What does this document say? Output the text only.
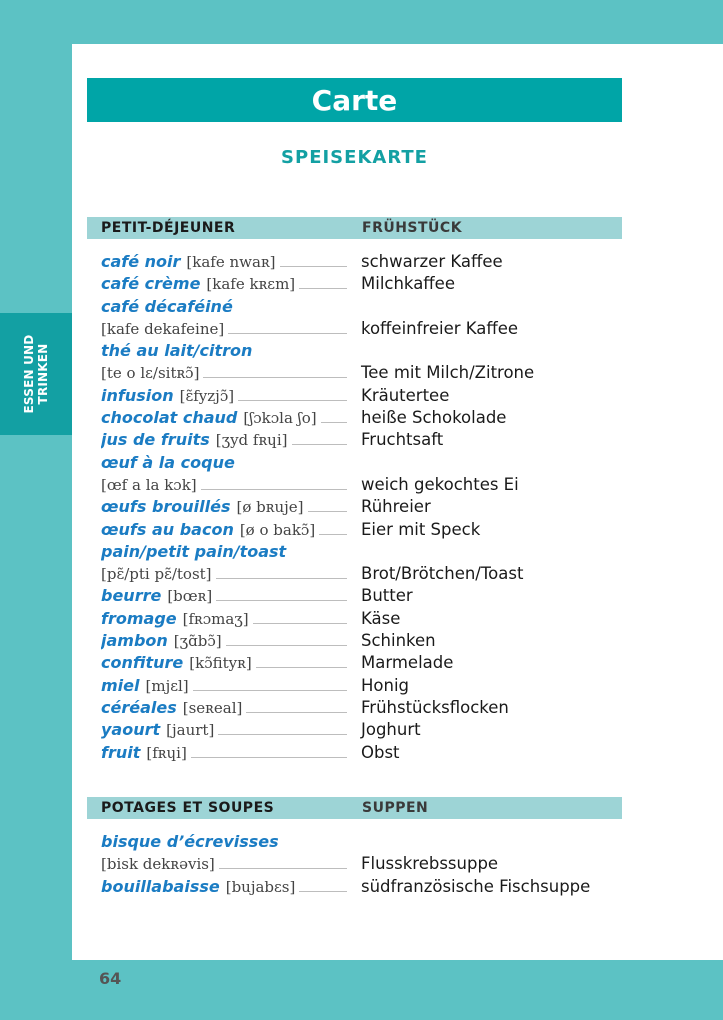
ESSEN UND TRINKEN
Carte
SPEISEKARTE
PETIT-DÉJEUNER	FRÜHSTÜCK
café noir [kafe nwaʀ]	schwarzer Kaffee
café crème [kafe kʀɛm]	Milchkaffee
café décaféiné
[kafe dekafeine]	koffeinfreier Kaffee
thé au lait/citron
[te o lɛ/sitʀɔ̃]	Tee mit Milch/Zitrone
infusion [ɛ̃fyzjɔ̃]	Kräutertee
chocolat chaud [ʃɔkɔla ʃo]	heiße Schokolade
jus de fruits [ʒyd fʀɥi]	Fruchtsaft
œuf à la coque
[œf a la kɔk]	weich gekochtes Ei
œufs brouillés [ø bʀuje]	Rühreier
œufs au bacon [ø o bakɔ̃]	Eier mit Speck
pain/petit pain/toast
[pɛ̃/pti pɛ̃/tost]	Brot/Brötchen/Toast
beurre [bœʀ]	Butter
fromage [fʀɔmaʒ]	Käse
jambon [ʒɑ̃bɔ̃]	Schinken
confiture [kɔ̃fityʀ]	Marmelade
miel [mjɛl]	Honig
céréales [seʀeal]	Frühstücksflocken
yaourt [jaurt]	Joghurt
fruit [fʀɥi]	Obst
POTAGES ET SOUPES	SUPPEN
bisque d’écrevisses
[bisk dekʀəvis]	Flusskrebssuppe
bouillabaisse [bujabɛs]	südfranzösische Fischsuppe
64
